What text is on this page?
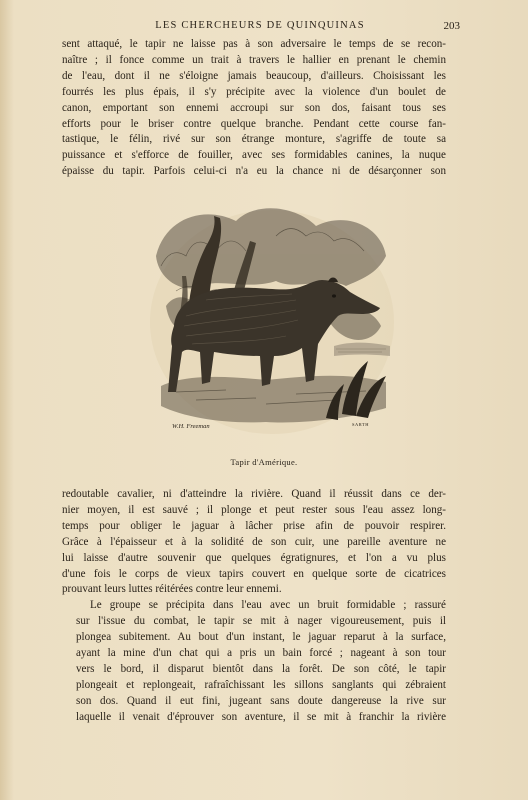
LES CHERCHEURS DE QUINQUINAS	203

sent attaqué, le tapir ne laisse pas à son adversaire le temps de se recon-
naître ; il fonce comme un trait à travers le hallier en prenant le chemin
de l'eau, dont il ne s'éloigne jamais beaucoup, d'ailleurs. Choisissant les
fourrés les plus épais, il s'y précipite avec la violence d'un boulet de
canon, emportant son ennemi accroupi sur son dos, faisant tous ses
efforts pour le briser contre quelque branche. Pendant cette course fan-
tastique, le félin, rivé sur son étrange monture, s'agriffe de toute sa
puissance et s'efforce de fouiller, avec ses formidables canines, la nuque
épaisse du tapir. Parfois celui-ci n'a eu la chance ni de désarçonner son

W.H. Freeman	SARTH
Tapir d'Amérique.

redoutable cavalier, ni d'atteindre la rivière. Quand il réussit dans ce der-
nier moyen, il est sauvé ; il plonge et peut rester sous l'eau assez long-
temps pour obliger le jaguar à lâcher prise afin de pouvoir respirer.
Grâce à l'épaisseur et à la solidité de son cuir, une pareille aventure ne
lui laisse d'autre souvenir que quelques égratignures, et l'on a vu plus
d'une fois le corps de vieux tapirs couvert en quelque sorte de cicatrices
prouvant leurs luttes réitérées contre leur ennemi.

Le groupe se précipita dans l'eau avec un bruit formidable ; rassuré
sur l'issue du combat, le tapir se mit à nager vigoureusement, puis il
plongea subitement. Au bout d'un instant, le jaguar reparut à la surface,
ayant la mine d'un chat qui a pris un bain forcé ; nageant à son tour
vers le bord, il disparut bientôt dans la forêt. De son côté, le tapir
plongeait et replongeait, rafraîchissant les sillons sanglants qui zébraient
son dos. Quand il eut fini, jugeant sans doute dangereuse la rive sur
laquelle il venait d'éprouver son aventure, il se mit à franchir la rivière
